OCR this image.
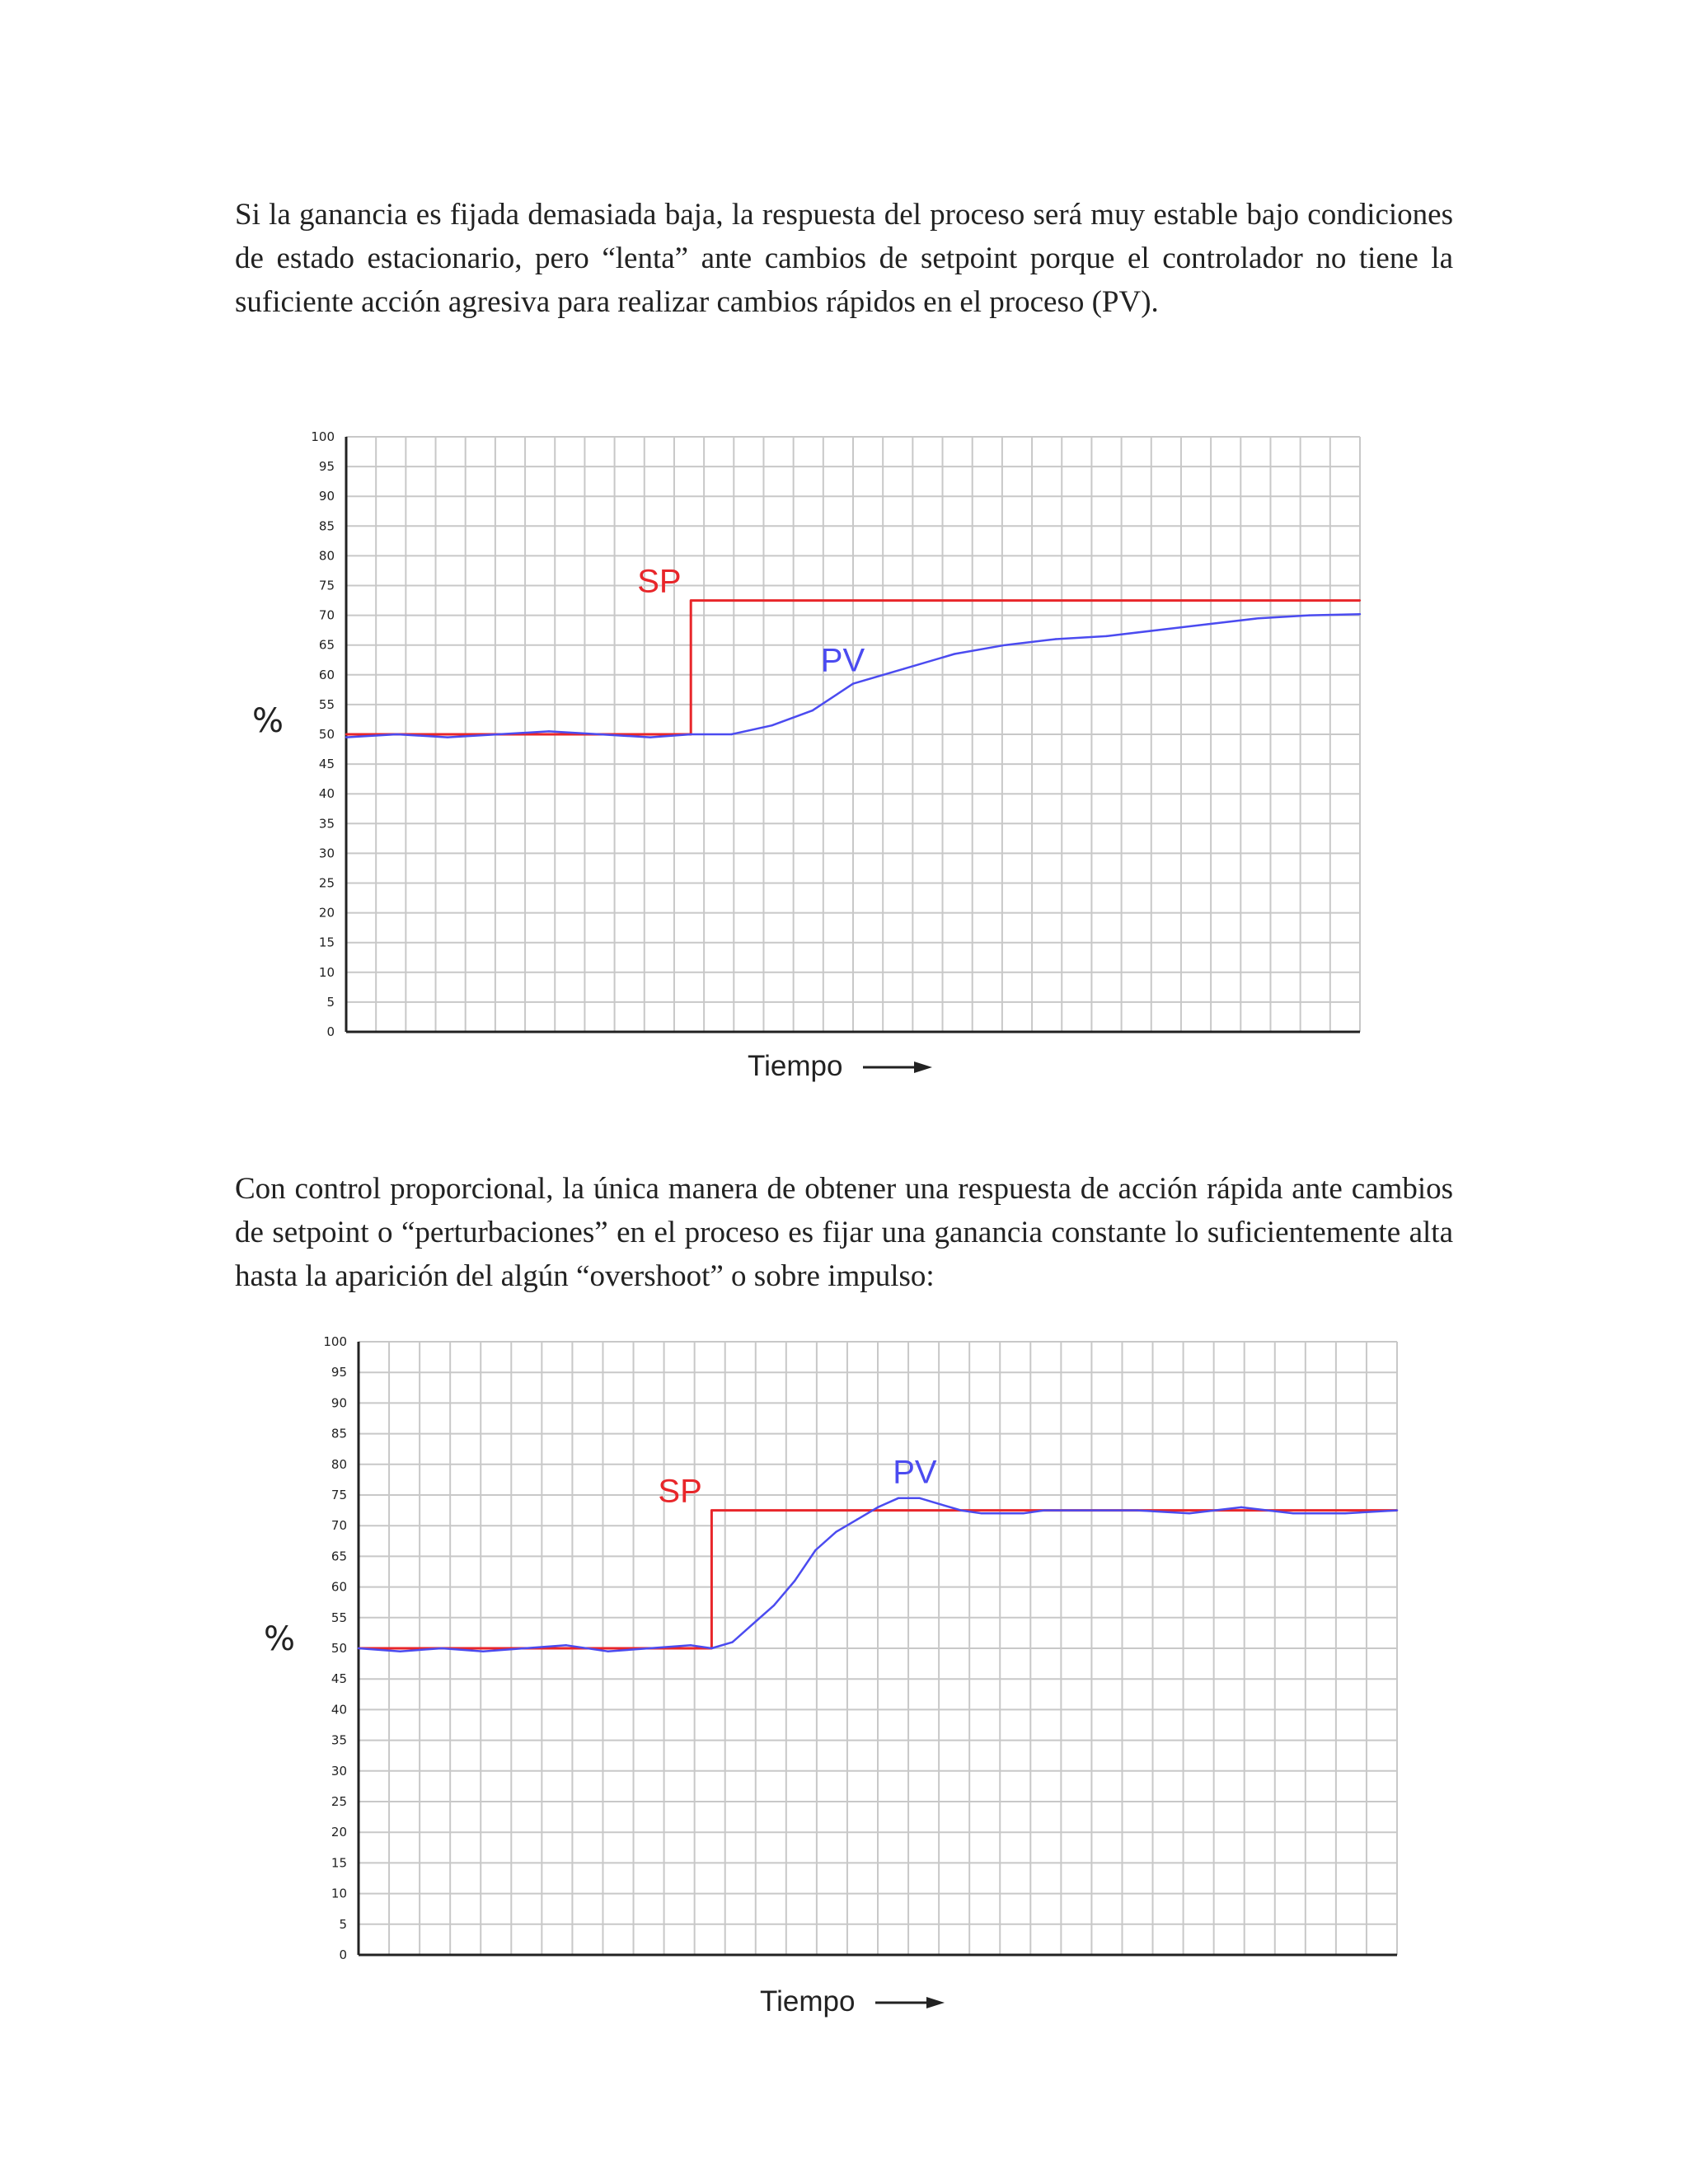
Si la ganancia es fijada demasiada baja, la respuesta del proceso será muy estable bajo condiciones de estado estacionario, pero “lenta” ante cambios de setpoint porque el controlador no tiene la suficiente acción agresiva para realizar cambios rápidos en el proceso (PV).

0
5
10
15
20
25
30
35
40
45
50
55
60
65
70
75
80
85
90
95
100
%
Tiempo
SP
PV

Con control proporcional, la única manera de obtener una respuesta de acción rápida ante cambios de setpoint o “perturbaciones” en el proceso es fijar una ganancia constante lo suficientemente alta hasta la aparición del algún “overshoot” o sobre impulso:

0
5
10
15
20
25
30
35
40
45
50
55
60
65
70
75
80
85
90
95
100
%
Tiempo
SP
PV
